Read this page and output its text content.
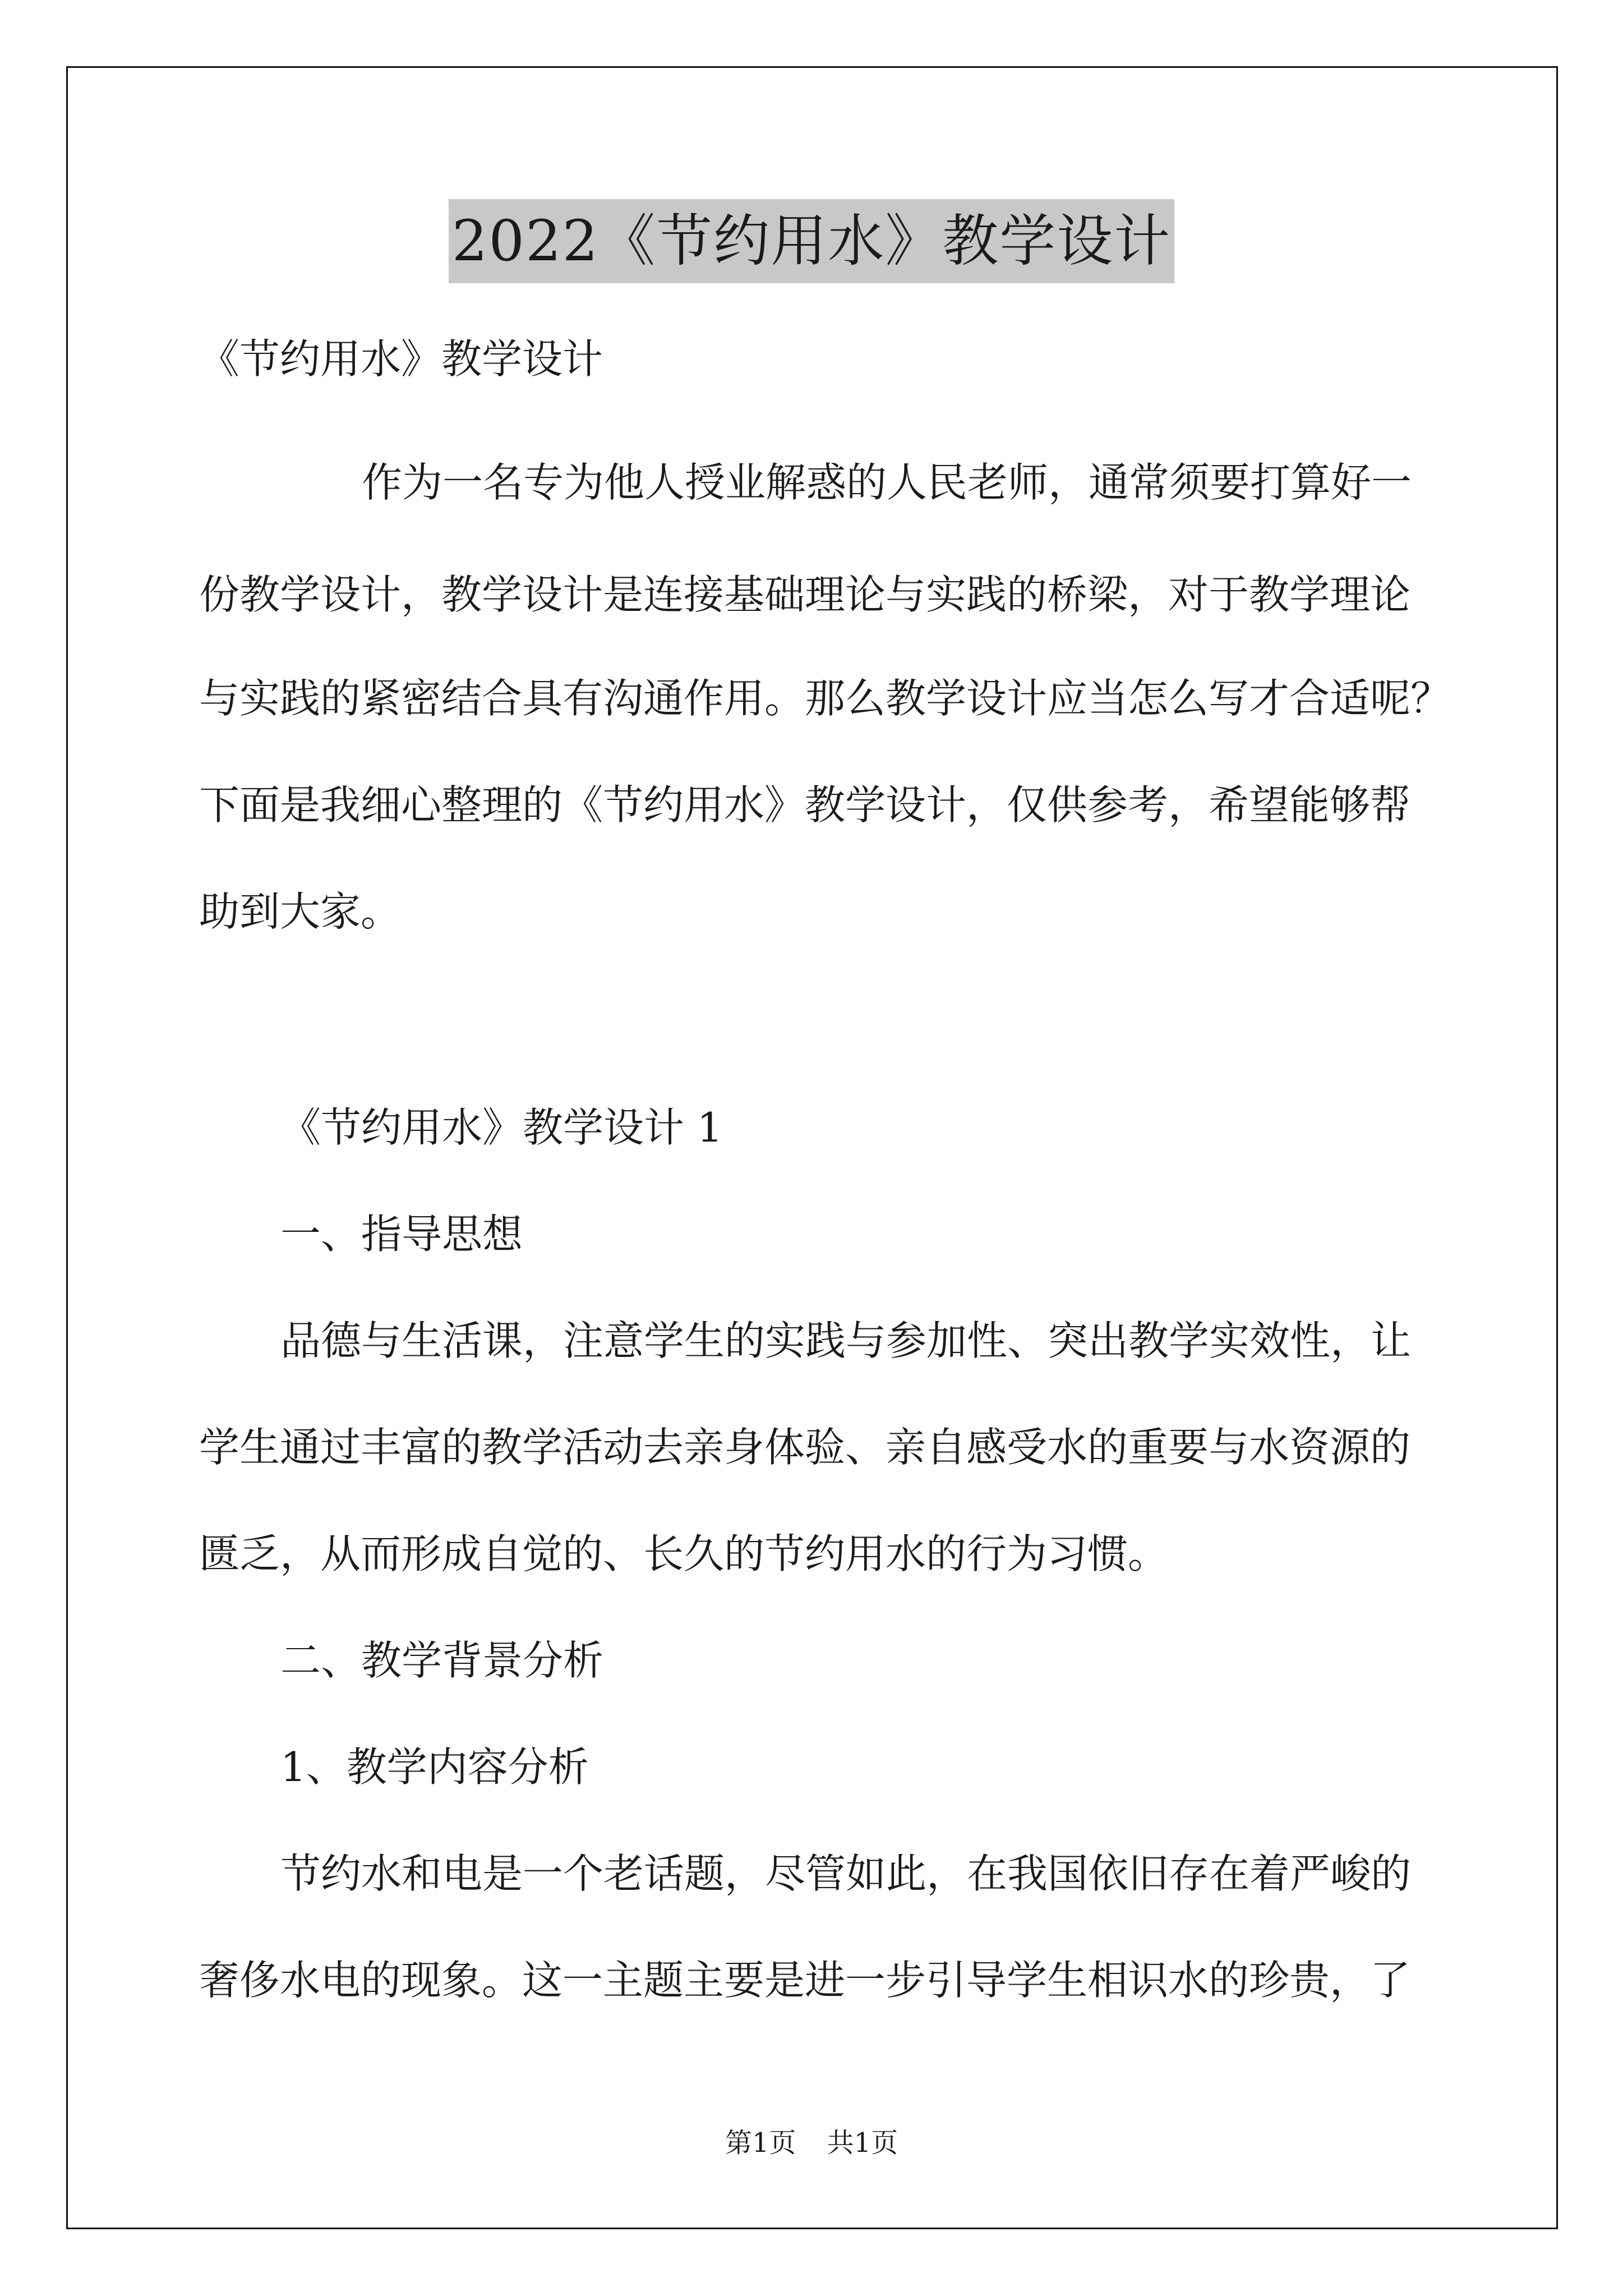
2022《节约用水》教学设计
《节约用水》教学设计
作为一名专为他人授业解惑的人民老师，通常须要打算好一
份教学设计，教学设计是连接基础理论与实践的桥梁，对于教学理论
与实践的紧密结合具有沟通作用。那么教学设计应当怎么写才合适呢？
下面是我细心整理的《节约用水》教学设计，仅供参考，希望能够帮
助到大家。
《节约用水》教学设计 1
一、指导思想
品德与生活课，注意学生的实践与参加性、突出教学实效性，让
学生通过丰富的教学活动去亲身体验、亲自感受水的重要与水资源的
匮乏，从而形成自觉的、长久的节约用水的行为习惯。
二、教学背景分析
1、教学内容分析
节约水和电是一个老话题，尽管如此，在我国依旧存在着严峻的
奢侈水电的现象。这一主题主要是进一步引导学生相识水的珍贵，了
第1页 共1页
